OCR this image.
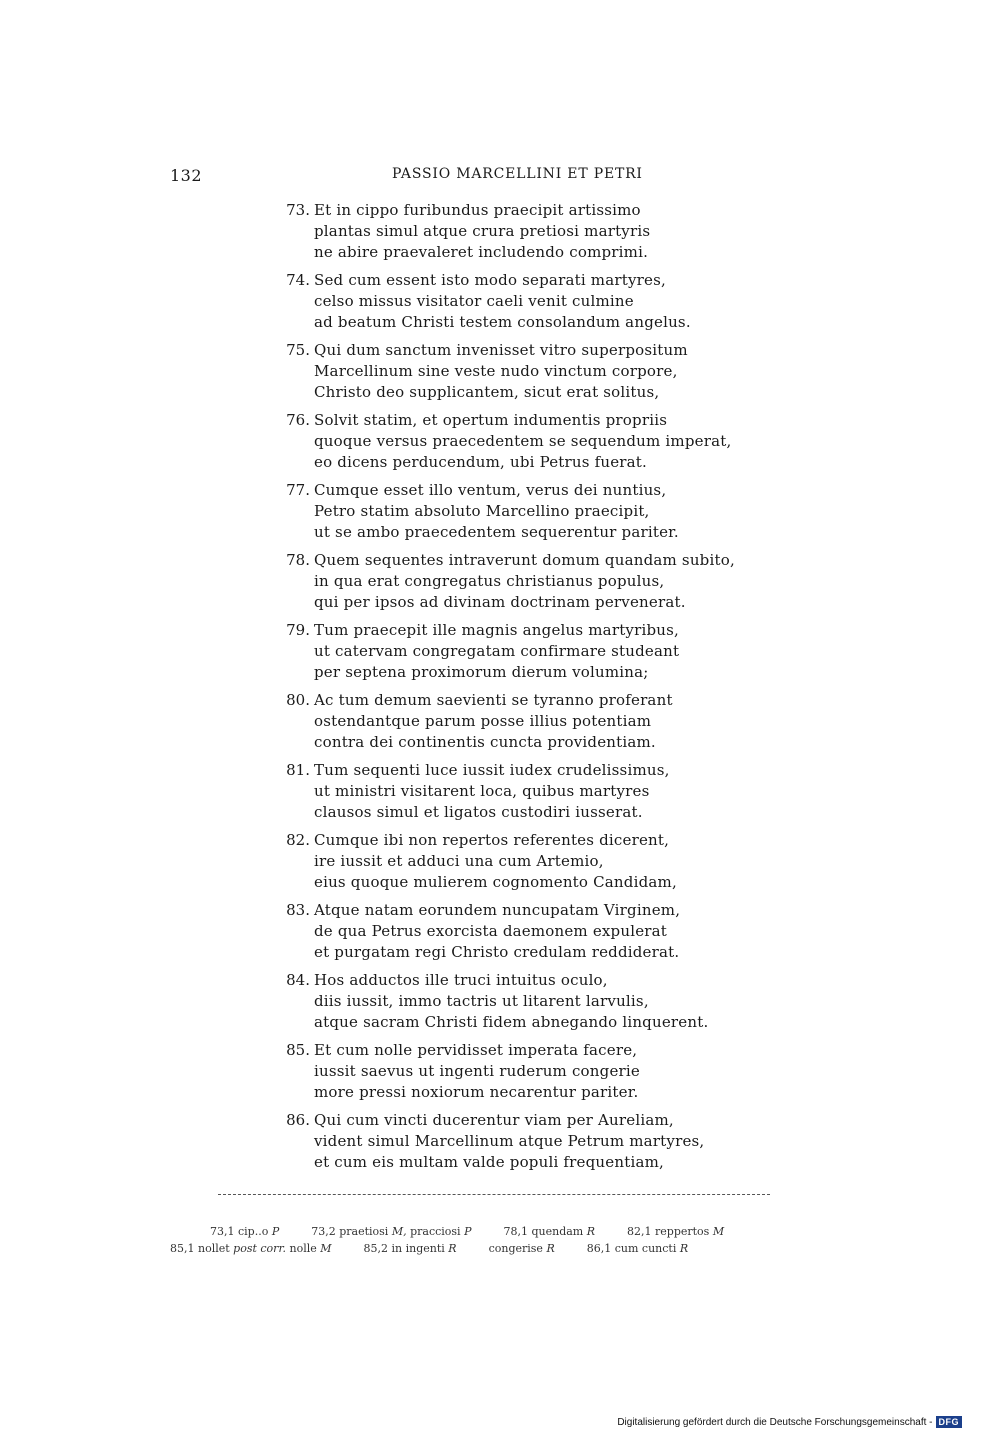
132	PASSIO MARCELLINI ET PETRI
73. Et in cippo furibundus praecipit artissimo
plantas simul atque crura pretiosi martyris
ne abire praevaleret includendo comprimi.
74. Sed cum essent isto modo separati martyres,
celso missus visitator caeli venit culmine
ad beatum Christi testem consolandum angelus.
75. Qui dum sanctum invenisset vitro superpositum
Marcellinum sine veste nudo vinctum corpore,
Christo deo supplicantem, sicut erat solitus,
76. Solvit statim, et opertum indumentis propriis
quoque versus praecedentem se sequendum imperat,
eo dicens perducendum, ubi Petrus fuerat.
77. Cumque esset illo ventum, verus dei nuntius,
Petro statim absoluto Marcellino praecipit,
ut se ambo praecedentem sequerentur pariter.
78. Quem sequentes intraverunt domum quandam subito,
in qua erat congregatus christianus populus,
qui per ipsos ad divinam doctrinam pervenerat.
79. Tum praecepit ille magnis angelus martyribus,
ut catervam congregatam confirmare studeant
per septena proximorum dierum volumina;
80. Ac tum demum saevienti se tyranno proferant
ostendantque parum posse illius potentiam
contra dei continentis cuncta providentiam.
81. Tum sequenti luce iussit iudex crudelissimus,
ut ministri visitarent loca, quibus martyres
clausos simul et ligatos custodiri iusserat.
82. Cumque ibi non repertos referentes dicerent,
ire iussit et adduci una cum Artemio,
eius quoque mulierem cognomento Candidam,
83. Atque natam eorundem nuncupatam Virginem,
de qua Petrus exorcista daemonem expulerat
et purgatam regi Christo credulam reddiderat.
84. Hos adductos ille truci intuitus oculo,
diis iussit, immo tactris ut litarent larvulis,
atque sacram Christi fidem abnegando linquerent.
85. Et cum nolle pervidisset imperata facere,
iussit saevus ut ingenti ruderum congerie
more pressi noxiorum necarentur pariter.
86. Qui cum vincti ducerentur viam per Aureliam,
vident simul Marcellinum atque Petrum martyres,
et cum eis multam valde populi frequentiam,
73,1 cip..o P	73,2 praetiosi M, pracciosi P	78,1 quendam R	82,1 reppertos M
85,1 nollet post corr. nolle M	85,2 in ingenti R	congerise R	86,1 cum cuncti R
Digitalisierung gefördert durch die Deutsche Forschungsgemeinschaft - DFG
